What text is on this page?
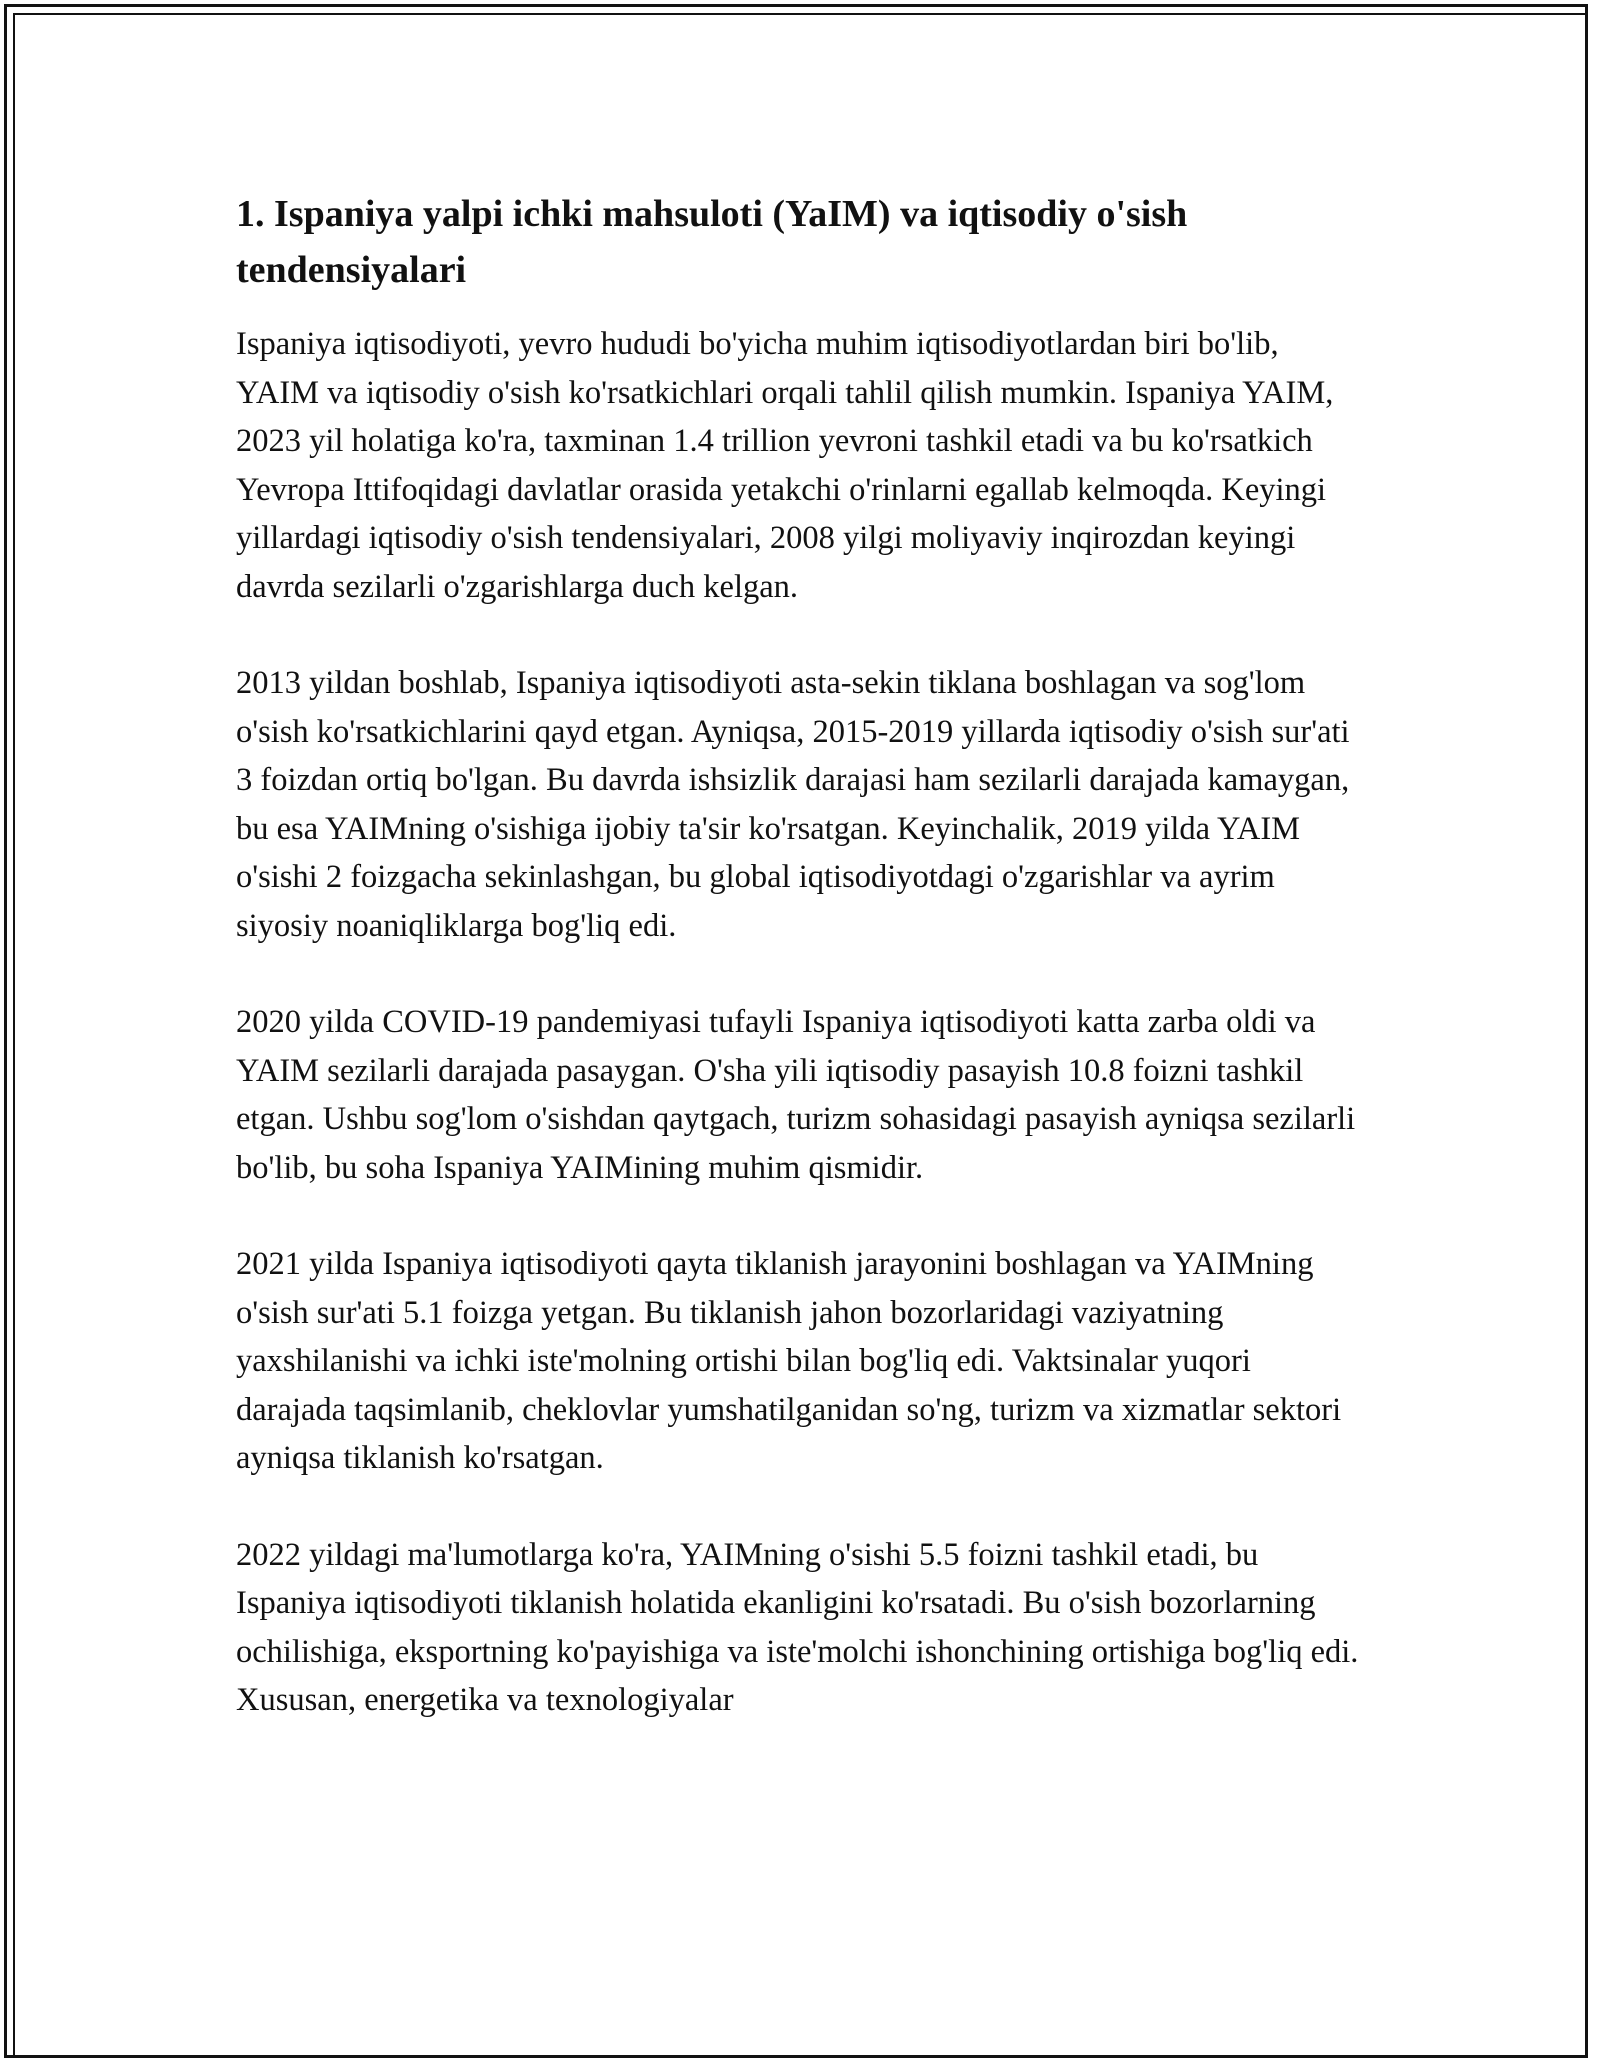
1. Ispaniya yalpi ichki mahsuloti (YaIM) va iqtisodiy o'sish tendensiyalari

Ispaniya iqtisodiyoti, yevro hududi bo'yicha muhim iqtisodiyotlardan biri bo'lib, YAIM va iqtisodiy o'sish ko'rsatkichlari orqali tahlil qilish mumkin. Ispaniya YAIM, 2023 yil holatiga ko'ra, taxminan 1.4 trillion yevroni tashkil etadi va bu ko'rsatkich Yevropa Ittifoqidagi davlatlar orasida yetakchi o'rinlarni egallab kelmoqda. Keyingi yillardagi iqtisodiy o'sish tendensiyalari, 2008 yilgi moliyaviy inqirozdan keyingi davrda sezilarli o'zgarishlarga duch kelgan.

2013 yildan boshlab, Ispaniya iqtisodiyoti asta-sekin tiklana boshlagan va sog'lom o'sish ko'rsatkichlarini qayd etgan. Ayniqsa, 2015-2019 yillarda iqtisodiy o'sish sur'ati 3 foizdan ortiq bo'lgan. Bu davrda ishsizlik darajasi ham sezilarli darajada kamaygan, bu esa YAIMning o'sishiga ijobiy ta'sir ko'rsatgan. Keyinchalik, 2019 yilda YAIM o'sishi 2 foizgacha sekinlashgan, bu global iqtisodiyotdagi o'zgarishlar va ayrim siyosiy noaniqliklarga bog'liq edi.

2020 yilda COVID-19 pandemiyasi tufayli Ispaniya iqtisodiyoti katta zarba oldi va YAIM sezilarli darajada pasaygan. O'sha yili iqtisodiy pasayish 10.8 foizni tashkil etgan. Ushbu sog'lom o'sishdan qaytgach, turizm sohasidagi pasayish ayniqsa sezilarli bo'lib, bu soha Ispaniya YAIMining muhim qismidir.

2021 yilda Ispaniya iqtisodiyoti qayta tiklanish jarayonini boshlagan va YAIMning o'sish sur'ati 5.1 foizga yetgan. Bu tiklanish jahon bozorlaridagi vaziyatning yaxshilanishi va ichki iste'molning ortishi bilan bog'liq edi. Vaktsinalar yuqori darajada taqsimlanib, cheklovlar yumshatilganidan so'ng, turizm va xizmatlar sektori ayniqsa tiklanish ko'rsatgan.

2022 yildagi ma'lumotlarga ko'ra, YAIMning o'sishi 5.5 foizni tashkil etadi, bu Ispaniya iqtisodiyoti tiklanish holatida ekanligini ko'rsatadi. Bu o'sish bozorlarning ochilishiga, eksportning ko'payishiga va iste'molchi ishonchining ortishiga bog'liq edi. Xususan, energetika va texnologiyalar
